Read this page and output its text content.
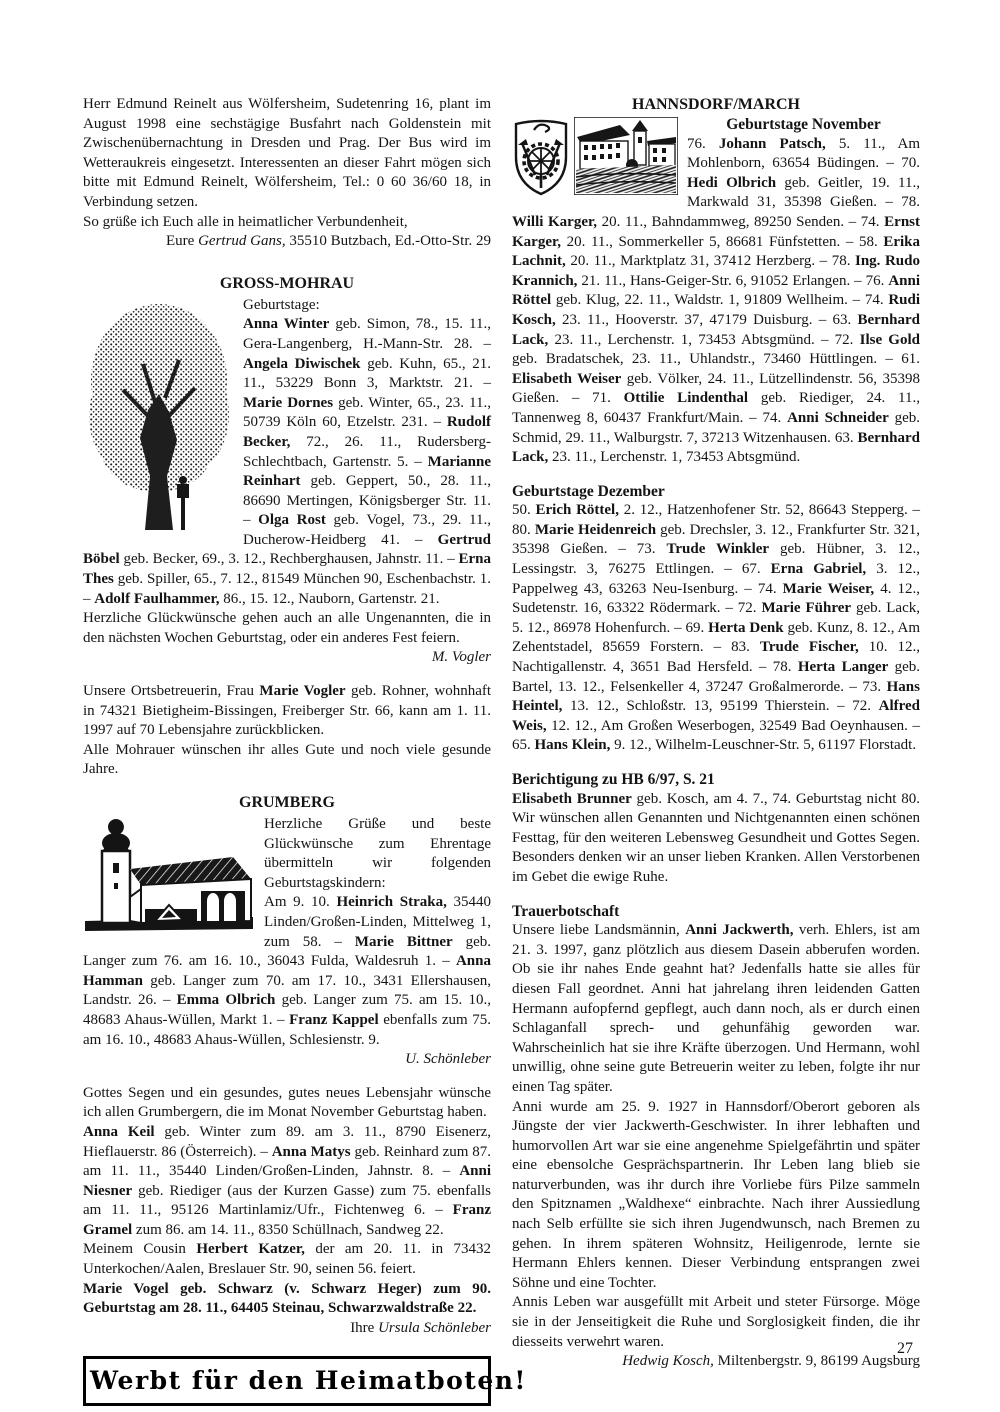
Herr Edmund Reinelt aus Wölfersheim, Sudetenring 16, plant im August 1998 eine sechstägige Busfahrt nach Goldenstein mit Zwischenübernachtung in Dresden und Prag. Der Bus wird im Wetteraukreis eingesetzt. Interessenten an dieser Fahrt mögen sich bitte mit Edmund Reinelt, Wölfersheim, Tel.: 0 60 36/60 18, in Verbindung setzen.

So grüße ich Euch alle in heimatlicher Verbundenheit,

Eure Gertrud Gans, 35510 Butzbach, Ed.-Otto-Str. 29

GROSS-MOHRAU

Geburtstage:

Anna Winter geb. Simon, 78., 15. 11., Gera-Langenberg, H.-Mann-Str. 28. – Angela Diwischek geb. Kuhn, 65., 21. 11., 53229 Bonn 3, Marktstr. 21. – Marie Dornes geb. Winter, 65., 23. 11., 50739 Köln 60, Etzelstr. 231. – Rudolf Becker, 72., 26. 11., Rudersberg-Schlechtbach, Gartenstr. 5. – Marianne Reinhart geb. Geppert, 50., 28. 11., 86690 Mertingen, Königsberger Str. 11. – Olga Rost geb. Vogel, 73., 29. 11., Ducherow-Heidberg 41. – Gertrud Böbel geb. Becker, 69., 3. 12., Rechberghausen, Jahnstr. 11. – Erna Thes geb. Spiller, 65., 7. 12., 81549 München 90, Eschenbachstr. 1. – Adolf Faulhammer, 86., 15. 12., Nauborn, Gartenstr. 21.

Herzliche Glückwünsche gehen auch an alle Ungenannten, die in den nächsten Wochen Geburtstag, oder ein anderes Fest feiern.

M. Vogler

Unsere Ortsbetreuerin, Frau Marie Vogler geb. Rohner, wohnhaft in 74321 Bietigheim-Bissingen, Freiberger Str. 66, kann am 1. 11. 1997 auf 70 Lebensjahre zurückblicken.

Alle Mohrauer wünschen ihr alles Gute und noch viele gesunde Jahre.

GRUMBERG

Herzliche Grüße und beste Glückwünsche zum Ehrentage übermitteln wir folgenden Geburtstagskindern:

Am 9. 10. Heinrich Straka, 35440 Linden/Großen-Linden, Mittelweg 1, zum 58. – Marie Bittner geb. Langer zum 76. am 16. 10., 36043 Fulda, Waldesruh 1. – Anna Hamman geb. Langer zum 70. am 17. 10., 3431 Ellershausen, Landstr. 26. – Emma Olbrich geb. Langer zum 75. am 15. 10., 48683 Ahaus-Wüllen, Markt 1. – Franz Kappel ebenfalls zum 75. am 16. 10., 48683 Ahaus-Wüllen, Schlesienstr. 9.

U. Schönleber

Gottes Segen und ein gesundes, gutes neues Lebensjahr wünsche ich allen Grumbergern, die im Monat November Geburtstag haben.

Anna Keil geb. Winter zum 89. am 3. 11., 8790 Eisenerz, Hieflauerstr. 86 (Österreich). – Anna Matys geb. Reinhard zum 87. am 11. 11., 35440 Linden/Großen-Linden, Jahnstr. 8. – Anni Niesner geb. Riediger (aus der Kurzen Gasse) zum 75. ebenfalls am 11. 11., 95126 Martinlamiz/Ufr., Fichtenweg 6. – Franz Gramel zum 86. am 14. 11., 8350 Schüllnach, Sandweg 22.

Meinem Cousin Herbert Katzer, der am 20. 11. in 73432 Unterkochen/Aalen, Breslauer Str. 90, seinen 56. feiert.

Marie Vogel geb. Schwarz (v. Schwarz Heger) zum 90. Geburtstag am 28. 11., 64405 Steinau, Schwarzwaldstraße 22.

Ihre Ursula Schönleber

Werbt für den Heimatboten!
HANNSDORF/MARCH
Geburtstage November

76. Johann Patsch, 5. 11., Am Mohlenborn, 63654 Büdingen. – 70. Hedi Olbrich geb. Geitler, 19. 11., Markwald 31, 35398 Gießen. – 78. Willi Karger, 20. 11., Bahndammweg, 89250 Senden. – 74. Ernst Karger, 20. 11., Sommerkeller 5, 86681 Fünfstetten. – 58. Erika Lachnit, 20. 11., Marktplatz 31, 37412 Herzberg. – 78. Ing. Rudo Krannich, 21. 11., Hans-Geiger-Str. 6, 91052 Erlangen. – 76. Anni Röttel geb. Klug, 22. 11., Waldstr. 1, 91809 Wellheim. – 74. Rudi Kosch, 23. 11., Hooverstr. 37, 47179 Duisburg. – 63. Bernhard Lack, 23. 11., Lerchenstr. 1, 73453 Abtsgmünd. – 72. Ilse Gold geb. Bradatschek, 23. 11., Uhlandstr., 73460 Hüttlingen. – 61. Elisabeth Weiser geb. Völker, 24. 11., Lützellindenstr. 56, 35398 Gießen. – 71. Ottilie Lindenthal geb. Riediger, 24. 11., Tannenweg 8, 60437 Frankfurt/Main. – 74. Anni Schneider geb. Schmid, 29. 11., Walburgstr. 7, 37213 Witzenhausen. 63. Bernhard Lack, 23. 11., Lerchenstr. 1, 73453 Abtsgmünd.

Geburtstage Dezember

50. Erich Röttel, 2. 12., Hatzenhofener Str. 52, 86643 Stepperg. – 80. Marie Heidenreich geb. Drechsler, 3. 12., Frankfurter Str. 321, 35398 Gießen. – 73. Trude Winkler geb. Hübner, 3. 12., Lessingstr. 3, 76275 Ettlingen. – 67. Erna Gabriel, 3. 12., Pappelweg 43, 63263 Neu-Isenburg. – 74. Marie Weiser, 4. 12., Sudetenstr. 16, 63322 Rödermark. – 72. Marie Führer geb. Lack, 5. 12., 86978 Hohenfurch. – 69. Herta Denk geb. Kunz, 8. 12., Am Zehentstadel, 85659 Forstern. – 83. Trude Fischer, 10. 12., Nachtigallenstr. 4, 3651 Bad Hersfeld. – 78. Herta Langer geb. Bartel, 13. 12., Felsenkeller 4, 37247 Großalmerorde. – 73. Hans Heintel, 13. 12., Schloßstr. 13, 95199 Thierstein. – 72. Alfred Weis, 12. 12., Am Großen Weserbogen, 32549 Bad Oeynhausen. – 65. Hans Klein, 9. 12., Wilhelm-Leuschner-Str. 5, 61197 Florstadt.

Berichtigung zu HB 6/97, S. 21

Elisabeth Brunner geb. Kosch, am 4. 7., 74. Geburtstag nicht 80. Wir wünschen allen Genannten und Nichtgenannten einen schönen Festtag, für den weiteren Lebensweg Gesundheit und Gottes Segen. Besonders denken wir an unser lieben Kranken. Allen Verstorbenen im Gebet die ewige Ruhe.

Trauerbotschaft

Unsere liebe Landsmännin, Anni Jackwerth, verh. Ehlers, ist am 21. 3. 1997, ganz plötzlich aus diesem Dasein abberufen worden. Ob sie ihr nahes Ende geahnt hat? Jedenfalls hatte sie alles für diesen Fall geordnet. Anni hat jahrelang ihren leidenden Gatten Hermann aufopfernd gepflegt, auch dann noch, als er durch einen Schlaganfall sprech- und gehunfähig geworden war. Wahrscheinlich hat sie ihre Kräfte überzogen. Und Hermann, wohl unwillig, ohne seine gute Betreuerin weiter zu leben, folgte ihr nur einen Tag später.

Anni wurde am 25. 9. 1927 in Hannsdorf/Oberort geboren als Jüngste der vier Jackwerth-Geschwister. In ihrer lebhaften und humorvollen Art war sie eine angenehme Spielgefährtin und später eine ebensolche Gesprächspartnerin. Ihr Leben lang blieb sie naturverbunden, was ihr durch ihre Vorliebe fürs Pilze sammeln den Spitznamen „Waldhexe“ einbrachte. Nach ihrer Aussiedlung nach Selb erfüllte sie sich ihren Jugendwunsch, nach Bremen zu gehen. In ihrem späteren Wohnsitz, Heiligenrode, lernte sie Hermann Ehlers kennen. Dieser Verbindung entsprangen zwei Söhne und eine Tochter.

Annis Leben war ausgefüllt mit Arbeit und steter Fürsorge. Möge sie in der Jenseitigkeit die Ruhe und Sorglosigkeit finden, die ihr diesseits verwehrt waren.

Hedwig Kosch, Miltenbergstr. 9, 86199 Augsburg

27
